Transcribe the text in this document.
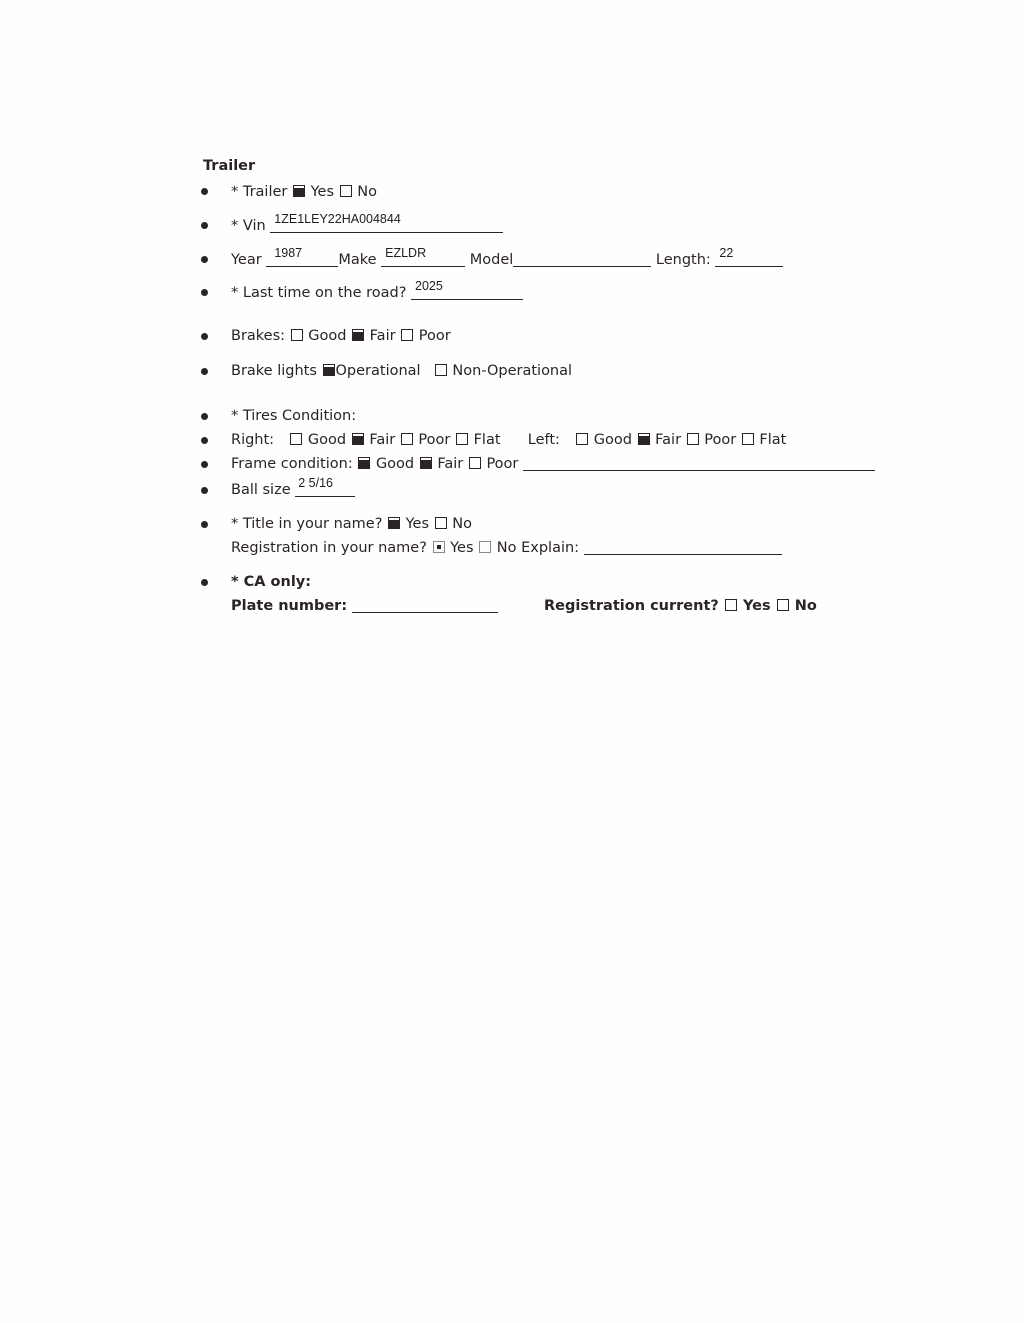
Trailer
* Trailer Yes No
* Vin 1ZE1LEY22HA004844
Year 1987 Make EZLDR	Model	Length: 22
* Last time on the road? 2025
Brakes: Good Fair Poor
Brake lights Operational Non-Operational
* Tires Condition:
Right: Good Fair Poor Flat Left: Good Fair Poor Flat
Frame condition: Good Fair Poor
Ball size 2 5/16
* Title in your name? Yes No
Registration in your name? Yes No Explain:
* CA only:
Plate number:	Registration current? Yes No
